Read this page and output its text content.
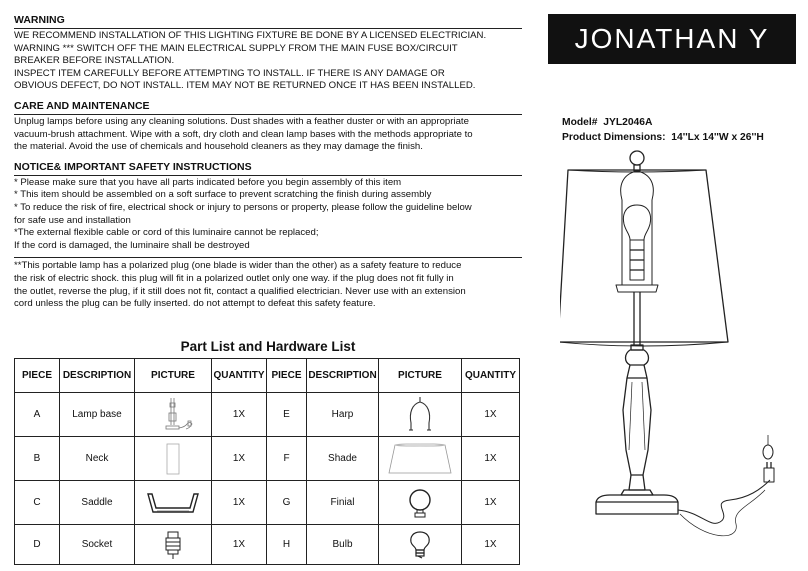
WARNING

WE RECOMMEND INSTALLATION OF THIS LIGHTING FIXTURE BE DONE BY A LICENSED ELECTRICIAN.

WARNING *** SWITCH OFF THE MAIN ELECTRICAL SUPPLY FROM THE MAIN FUSE BOX/CIRCUIT

BREAKER BEFORE INSTALLATION.

INSPECT ITEM CAREFULLY BEFORE ATTEMPTING TO INSTALL. IF THERE IS ANY DAMAGE OR

OBVIOUS DEFECT, DO NOT INSTALL. ITEM MAY NOT BE RETURNED ONCE IT HAS BEEN INSTALLED.

CARE AND MAINTENANCE

Unplug lamps before using any cleaning solutions. Dust shades with a feather duster or with an appropriate

vacuum-brush attachment. Wipe with a soft, dry cloth and clean lamp bases with the methods appropriate to

the material. Avoid the use of chemicals and household cleaners as they may damage the finish.

NOTICE& IMPORTANT SAFETY INSTRUCTIONS

* Please make sure that you have all parts indicated before you begin assembly of this item

* This item should be assembled on a soft surface to prevent scratching the finish during assembly

* To reduce the risk of fire, electrical shock or injury to persons or property, please follow the guideline below

for safe use and installation

*The external flexible cable or cord of this luminaire cannot be replaced;

If the cord is damaged, the luminaire shall be destroyed

**This portable lamp has a polarized plug (one blade is wider than the other) as a safety feature to reduce

the risk of electric shock. this plug will fit in a polarized outlet only one way. if the plug does not fit fully in

the outlet, reverse the plug, if it still does not fit, contact a qualified electrician. Never use with an extension

cord unless the plug can be fully inserted. do not attempt to defeat this safety feature.

Part List and Hardware List
PIECE	DESCRIPTION	PICTURE	QUANTITY	PIECE	DESCRIPTION	PICTURE	QUANTITY
A	Lamp base		1X	E	Harp		1X
B	Neck		1X	F	Shade		1X
C	Saddle		1X	G	Finial		1X
D	Socket		1X	H	Bulb		1X
JONATHAN Y
Model# JYL2046A
Product Dimensions: 14''Lx 14''W x 26''H
